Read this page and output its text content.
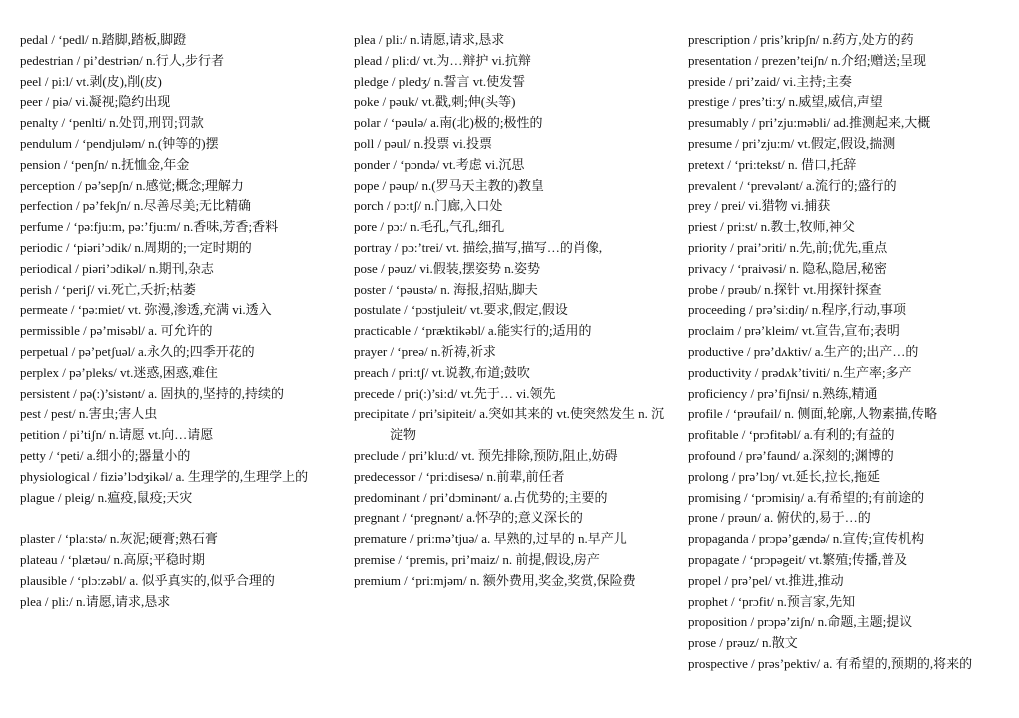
pedal / ‘pedl/ n.踏脚,踏板,脚蹬

pedestrian / pi’destriən/ n.行人,步行者

peel / pi:l/ vt.剥(皮),削(皮)

peer / piə/ vi.凝视;隐约出现

penalty / ‘penlti/ n.处罚,刑罚;罚款

pendulum / ‘pendjuləm/ n.(钟等的)摆

pension / ‘penʃn/ n.抚恤金,年金

perception / pə’sepʃn/ n.感觉;概念;理解力

perfection / pə’fekʃn/ n.尽善尽美;无比精确

perfume / ‘pə:fju:m, pə:’fju:m/ n.香味,芳香;香料

periodic / ‘piəri’ɔdik/ n.周期的;一定时期的

periodical / piəri’ɔdikəl/ n.期刊,杂志

perish / ‘periʃ/ vi.死亡,夭折;枯萎

permeate / ‘pə:miet/ vt. 弥漫,渗透,充满 vi.透入

permissible / pə’misəbl/ a. 可允许的

perpetual / pə’petʃuəl/ a.永久的;四季开花的

perplex / pə’pleks/ vt.迷惑,困惑,难住

persistent / pə(:)’sistənt/ a. 固执的,坚持的,持续的

pest / pest/ n.害虫;害人虫

petition / pi’tiʃn/ n.请愿 vt.向…请愿

petty / ‘peti/ a.细小的;器量小的

physiological / fiziə’lɔdʒikəl/ a. 生理学的,生理学上的

plague / pleig/ n.瘟疫,鼠疫;天灾

plaster / ‘pla:stə/ n.灰泥;硬膏;熟石膏

plateau / ‘plætəu/ n.高原;平稳时期

plausible / ‘plɔ:zəbl/ a. 似乎真实的,似乎合理的

plea / pli:/ n.请愿,请求,恳求

plea / pli:/ n.请愿,请求,恳求

plead / pli:d/ vt.为…辩护 vi.抗辩

pledge / pledʒ/ n.誓言 vt.使发誓

poke / pəuk/ vt.戳,刺;伸(头等)

polar / ‘pəulə/ a.南(北)极的;极性的

poll / pəul/ n.投票 vi.投票

ponder / ‘pɔndə/ vt.考虑 vi.沉思

pope / pəup/ n.(罗马天主教的)教皇

porch / pɔ:tʃ/ n.门廊,入口处

pore / pɔ:/ n.毛孔,气孔,细孔

portray / pɔ:’trei/ vt. 描绘,描写,描写…的肖像,

pose / pəuz/ vi.假装,摆姿势 n.姿势

poster / ‘pəustə/ n. 海报,招贴,脚夫

postulate / ‘pɔstjuleit/ vt.要求,假定,假设

practicable / ‘præktikəbl/ a.能实行的;适用的

prayer / ‘preə/ n.祈祷,祈求

preach / pri:tʃ/ vt.说教,布道;鼓吹

precede / pri(:)’si:d/ vt.先于… vi.领先

precipitate / pri’sipiteit/ a.突如其来的 vt.使突然发生 n. 沉淀物

preclude / pri’klu:d/ vt. 预先排除,预防,阻止,妨碍

predecessor / ‘pri:disesə/ n.前辈,前任者

predominant / pri’dɔminənt/ a.占优势的;主要的

pregnant / ‘pregnənt/ a.怀孕的;意义深长的

premature / pri:mə’tjuə/ a. 早熟的,过早的 n.早产儿

premise / ‘premis, pri’maiz/ n. 前提,假设,房产

premium / ‘pri:mjəm/ n. 额外费用,奖金,奖赏,保险费

prescription / pris’kripʃn/ n.药方,处方的药

presentation / prezen’teiʃn/ n.介绍;赠送;呈现

preside / pri’zaid/ vi.主持;主奏

prestige / pres’ti:ʒ/ n.威望,威信,声望

presumably / pri’zju:məbli/ ad.推测起来,大概

presume / pri’zju:m/ vt.假定,假设,揣测

pretext / ‘pri:tekst/ n. 借口,托辞

prevalent / ‘prevələnt/ a.流行的;盛行的

prey / prei/ vi.猎物 vi.捕获

priest / pri:st/ n.教士,牧师,神父

priority / prai’ɔriti/ n.先,前;优先,重点

privacy / ‘praivəsi/ n. 隐私,隐居,秘密

probe / prəub/ n.探针 vt.用探针探查

proceeding / prə’si:diŋ/ n.程序,行动,事项

proclaim / prə’kleim/ vt.宣告,宣布;表明

productive / prə’dʌktiv/ a.生产的;出产…的

productivity / prədʌk’tiviti/ n.生产率;多产

proficiency / prə’fiʃnsi/ n.熟练,精通

profile / ‘prəufail/ n. 侧面,轮廓,人物素描,传略

profitable / ‘prɔfitəbl/ a.有利的;有益的

profound / prə’faund/ a.深刻的;渊博的

prolong / prə’lɔŋ/ vt.延长,拉长,拖延

promising / ‘prɔmisiŋ/ a.有希望的;有前途的

prone / prəun/ a. 俯伏的,易于…的

propaganda / prɔpə’gændə/ n.宣传;宣传机构

propagate / ‘prɔpəgeit/ vt.繁殖;传播,普及

propel / prə’pel/ vt.推进,推动

prophet / ‘prɔfit/ n.预言家,先知

proposition / prɔpə’ziʃn/ n.命题,主题;提议

prose / prəuz/ n.散文

prospective / prəs’pektiv/ a. 有希望的,预期的,将来的
